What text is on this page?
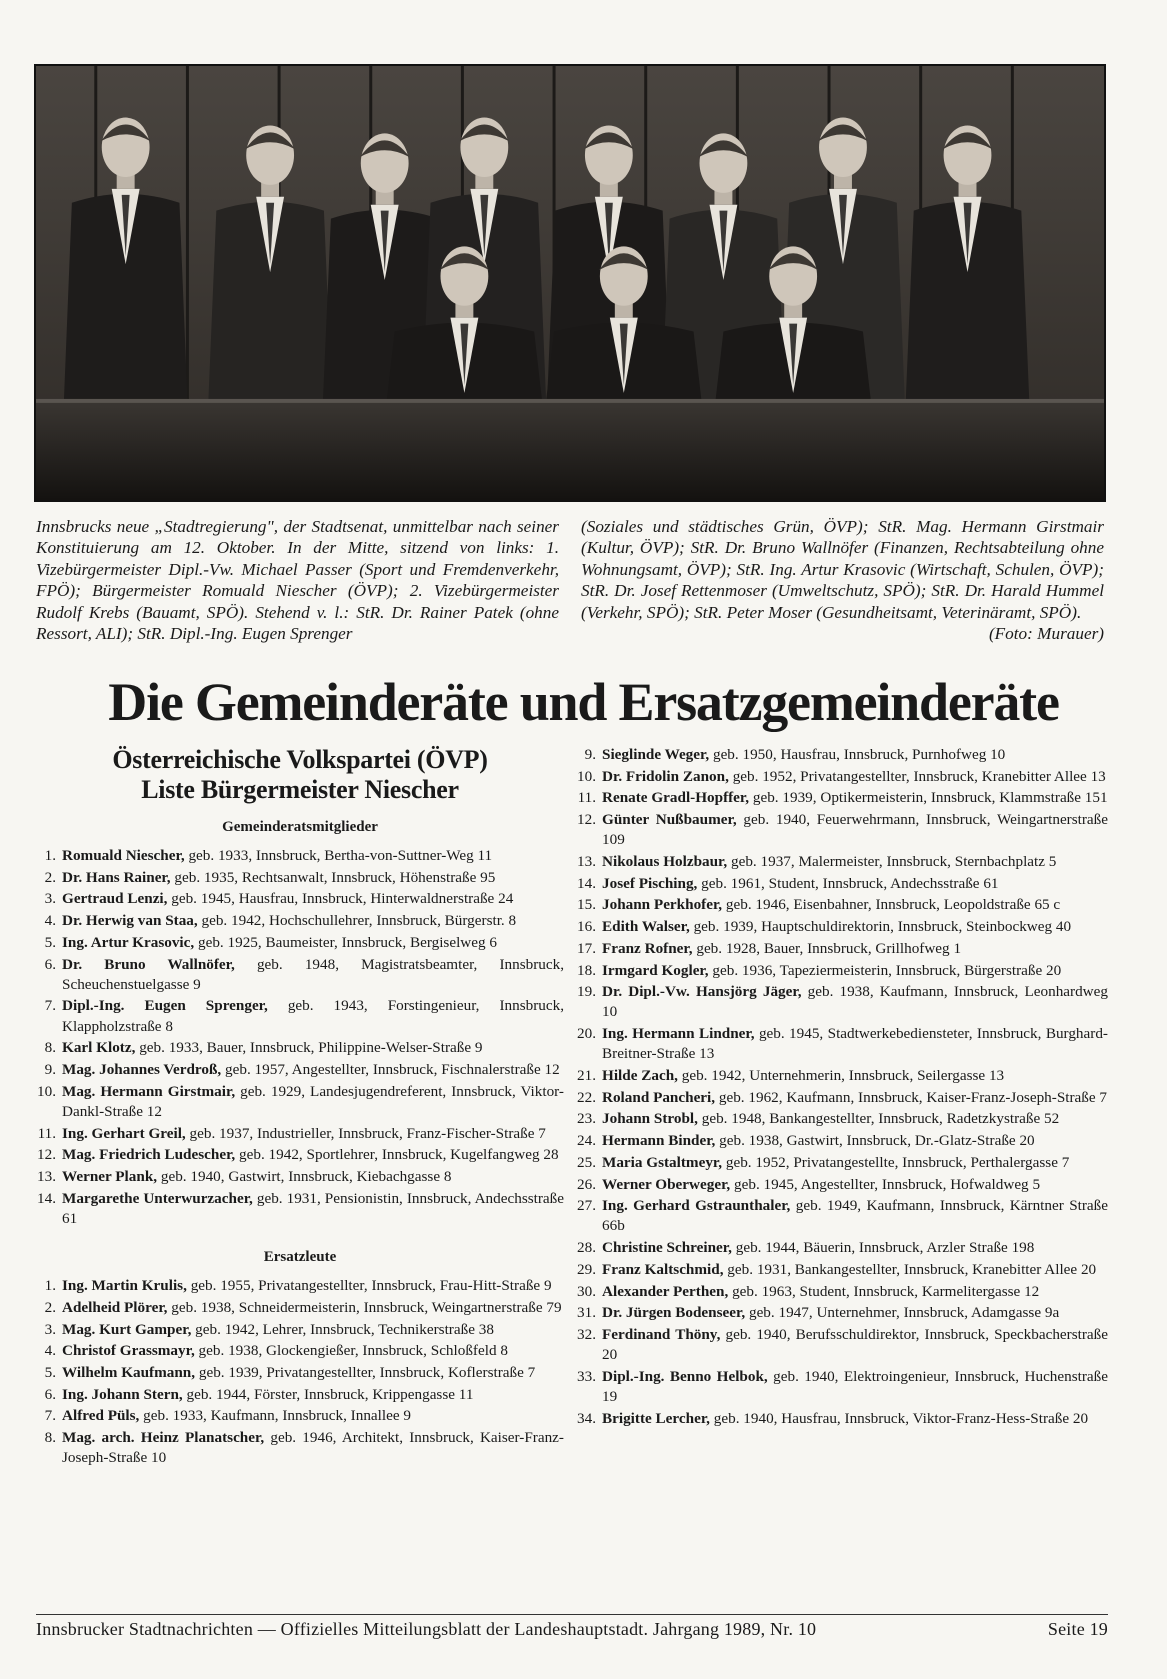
Innsbrucks neue „Stadtregierung", der Stadtsenat, unmittelbar nach seiner Konstituierung am 12. Oktober. In der Mitte, sitzend von links: 1. Vizebürgermeister Dipl.-Vw. Michael Passer (Sport und Fremdenverkehr, FPÖ); Bürgermeister Romuald Niescher (ÖVP); 2. Vizebürgermeister Rudolf Krebs (Bauamt, SPÖ). Stehend v. l.: StR. Dr. Rainer Patek (ohne Ressort, ALI); StR. Dipl.-Ing. Eugen Sprenger
(Soziales und städtisches Grün, ÖVP); StR. Mag. Hermann Girstmair (Kultur, ÖVP); StR. Dr. Bruno Wallnöfer (Finanzen, Rechtsabteilung ohne Wohnungsamt, ÖVP); StR. Ing. Artur Krasovic (Wirtschaft, Schulen, ÖVP); StR. Dr. Josef Rettenmoser (Umweltschutz, SPÖ); StR. Dr. Harald Hummel (Verkehr, SPÖ); StR. Peter Moser (Gesundheitsamt, Veterinäramt, SPÖ).
(Foto: Murauer)
Die Gemeinderäte und Ersatzgemeinderäte
Österreichische Volkspartei (ÖVP)
Liste Bürgermeister Niescher
Gemeinderatsmitglieder
1. Romuald Niescher, geb. 1933, Innsbruck, Bertha-von-Suttner-Weg 11
2. Dr. Hans Rainer, geb. 1935, Rechtsanwalt, Innsbruck, Höhenstraße 95
3. Gertraud Lenzi, geb. 1945, Hausfrau, Innsbruck, Hinterwaldnerstraße 24
4. Dr. Herwig van Staa, geb. 1942, Hochschullehrer, Innsbruck, Bürgerstr. 8
5. Ing. Artur Krasovic, geb. 1925, Baumeister, Innsbruck, Bergiselweg 6
6. Dr. Bruno Wallnöfer, geb. 1948, Magistratsbeamter, Innsbruck, Scheuchenstuelgasse 9
7. Dipl.-Ing. Eugen Sprenger, geb. 1943, Forstingenieur, Innsbruck, Klappholzstraße 8
8. Karl Klotz, geb. 1933, Bauer, Innsbruck, Philippine-Welser-Straße 9
9. Mag. Johannes Verdroß, geb. 1957, Angestellter, Innsbruck, Fischnalerstraße 12
10. Mag. Hermann Girstmair, geb. 1929, Landesjugendreferent, Innsbruck, Viktor-Dankl-Straße 12
11. Ing. Gerhart Greil, geb. 1937, Industrieller, Innsbruck, Franz-Fischer-Straße 7
12. Mag. Friedrich Ludescher, geb. 1942, Sportlehrer, Innsbruck, Kugelfangweg 28
13. Werner Plank, geb. 1940, Gastwirt, Innsbruck, Kiebachgasse 8
14. Margarethe Unterwurzacher, geb. 1931, Pensionistin, Innsbruck, Andechsstraße 61
Ersatzleute
1. Ing. Martin Krulis, geb. 1955, Privatangestellter, Innsbruck, Frau-Hitt-Straße 9
2. Adelheid Plörer, geb. 1938, Schneidermeisterin, Innsbruck, Weingartnerstraße 79
3. Mag. Kurt Gamper, geb. 1942, Lehrer, Innsbruck, Technikerstraße 38
4. Christof Grassmayr, geb. 1938, Glockengießer, Innsbruck, Schloßfeld 8
5. Wilhelm Kaufmann, geb. 1939, Privatangestellter, Innsbruck, Koflerstraße 7
6. Ing. Johann Stern, geb. 1944, Förster, Innsbruck, Krippengasse 11
7. Alfred Püls, geb. 1933, Kaufmann, Innsbruck, Innallee 9
8. Mag. arch. Heinz Planatscher, geb. 1946, Architekt, Innsbruck, Kaiser-Franz-Joseph-Straße 10
9. Sieglinde Weger, geb. 1950, Hausfrau, Innsbruck, Purnhofweg 10
10. Dr. Fridolin Zanon, geb. 1952, Privatangestellter, Innsbruck, Kranebitter Allee 13
11. Renate Gradl-Hopffer, geb. 1939, Optikermeisterin, Innsbruck, Klammstraße 151
12. Günter Nußbaumer, geb. 1940, Feuerwehrmann, Innsbruck, Weingartnerstraße 109
13. Nikolaus Holzbaur, geb. 1937, Malermeister, Innsbruck, Sternbachplatz 5
14. Josef Pisching, geb. 1961, Student, Innsbruck, Andechsstraße 61
15. Johann Perkhofer, geb. 1946, Eisenbahner, Innsbruck, Leopoldstraße 65 c
16. Edith Walser, geb. 1939, Hauptschuldirektorin, Innsbruck, Steinbockweg 40
17. Franz Rofner, geb. 1928, Bauer, Innsbruck, Grillhofweg 1
18. Irmgard Kogler, geb. 1936, Tapeziermeisterin, Innsbruck, Bürgerstraße 20
19. Dr. Dipl.-Vw. Hansjörg Jäger, geb. 1938, Kaufmann, Innsbruck, Leonhardweg 10
20. Ing. Hermann Lindner, geb. 1945, Stadtwerkebediensteter, Innsbruck, Burghard-Breitner-Straße 13
21. Hilde Zach, geb. 1942, Unternehmerin, Innsbruck, Seilergasse 13
22. Roland Pancheri, geb. 1962, Kaufmann, Innsbruck, Kaiser-Franz-Joseph-Straße 7
23. Johann Strobl, geb. 1948, Bankangestellter, Innsbruck, Radetzkystraße 52
24. Hermann Binder, geb. 1938, Gastwirt, Innsbruck, Dr.-Glatz-Straße 20
25. Maria Gstaltmeyr, geb. 1952, Privatangestellte, Innsbruck, Perthalergasse 7
26. Werner Oberweger, geb. 1945, Angestellter, Innsbruck, Hofwaldweg 5
27. Ing. Gerhard Gstraunthaler, geb. 1949, Kaufmann, Innsbruck, Kärntner Straße 66b
28. Christine Schreiner, geb. 1944, Bäuerin, Innsbruck, Arzler Straße 198
29. Franz Kaltschmid, geb. 1931, Bankangestellter, Innsbruck, Kranebitter Allee 20
30. Alexander Perthen, geb. 1963, Student, Innsbruck, Karmelitergasse 12
31. Dr. Jürgen Bodenseer, geb. 1947, Unternehmer, Innsbruck, Adamgasse 9a
32. Ferdinand Thöny, geb. 1940, Berufsschuldirektor, Innsbruck, Speckbacherstraße 20
33. Dipl.-Ing. Benno Helbok, geb. 1940, Elektroingenieur, Innsbruck, Huchenstraße 19
34. Brigitte Lercher, geb. 1940, Hausfrau, Innsbruck, Viktor-Franz-Hess-Straße 20
Innsbrucker Stadtnachrichten — Offizielles Mitteilungsblatt der Landeshauptstadt. Jahrgang 1989, Nr. 10	Seite 19
